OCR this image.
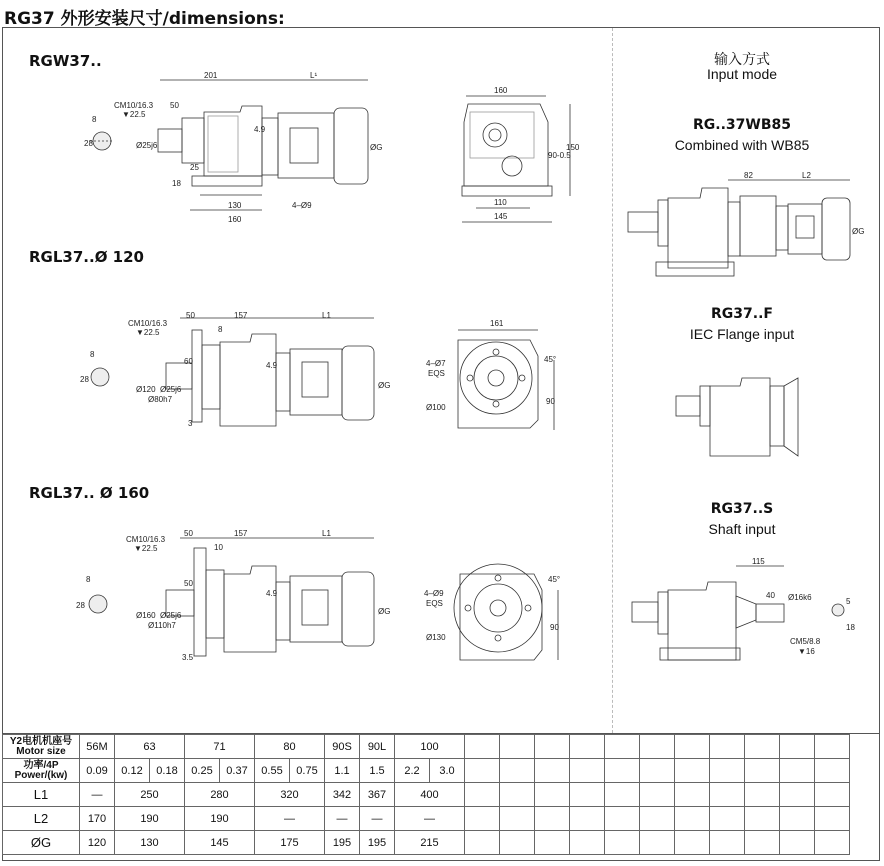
RG37 外形安装尺寸/dimensions:
RGW37..
RGL37..Ø 120
RGL37.. Ø 160
输入方式
Input mode
RG..37WB85
Combined with WB85
RG37..F
IEC Flange input
RG37..S
Shaft input
201	L¹
CM10/16.3
▼22.5
50
8
28	Ø25j6
4.9
25
18
130
160
4–Ø9
ØG
160
150
90-0.5
110
145
CM10/16.3
▼22.5
50
8
60
157	L1
8
28
Ø120
Ø80h7
Ø25j6
4.9
3
ØG
161
4–Ø7
EQS
45°
90
Ø100
CM10/16.3
▼22.5
50
10
157	L1
8
28
Ø160
Ø110h7
Ø25j6
50
4.9
3.5
ØG
4–Ø9
EQS
45°
90
Ø130
82	L2
ØG
115
40 Ø16k6
CM5/8.8
▼16
5
18
Y2电机机座号
Motor size	56M	63		71		80		90S	90L	100												
功率/4P
Power/(kw)	0.09	0.12	0.18	0.25	0.37	0.55	0.75	1.1	1.5	2.2	3.0											
L1	—	250		280		320		342	367	400												
L2	170	190		190		—		—	—	—												
ØG	120	130		145		175		195	195	215												
